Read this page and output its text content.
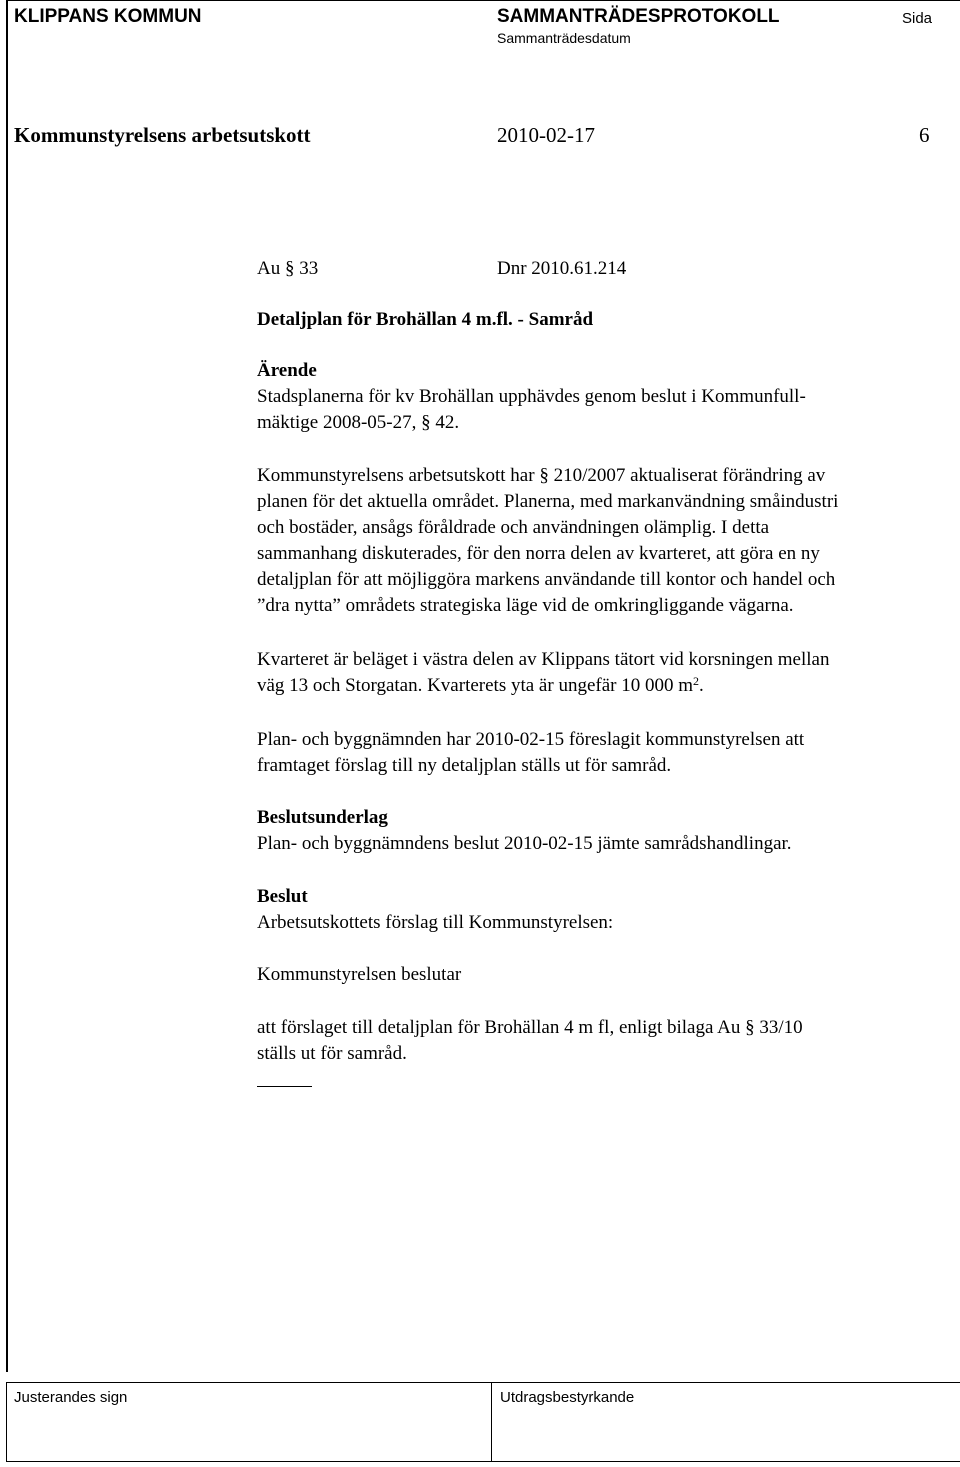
KLIPPANS KOMMUN	SAMMANTRÄDESPROTOKOLL	Sida
Sammanträdesdatum
Kommunstyrelsens arbetsutskott	2010-02-17	6
Au § 33	Dnr 2010.61.214
Detaljplan för Brohällan 4 m.fl. - Samråd
Ärende
Stadsplanerna för kv Brohällan upphävdes genom beslut i Kommunfull-
mäktige 2008-05-27, § 42.
Kommunstyrelsens arbetsutskott har § 210/2007 aktualiserat förändring av
planen för det aktuella området. Planerna, med markanvändning småindustri
och bostäder, ansågs föråldrade och användningen olämplig. I detta
sammanhang diskuterades, för den norra delen av kvarteret, att göra en ny
detaljplan för att möjliggöra markens användande till kontor och handel och
”dra nytta” områdets strategiska läge vid de omkringliggande vägarna.
Kvarteret är beläget i västra delen av Klippans tätort vid korsningen mellan
väg 13 och Storgatan. Kvarterets yta är ungefär 10 000 $m^2$.
Plan- och byggnämnden har 2010-02-15 föreslagit kommunstyrelsen att
framtaget förslag till ny detaljplan ställs ut för samråd.
Beslutsunderlag
Plan- och byggnämndens beslut 2010-02-15 jämte samrådshandlingar.
Beslut
Arbetsutskottets förslag till Kommunstyrelsen:
Kommunstyrelsen beslutar
att förslaget till detaljplan för Brohällan 4 m fl, enligt bilaga Au § 33/10
ställs ut för samråd.
Justerandes sign	Utdragsbestyrkande
